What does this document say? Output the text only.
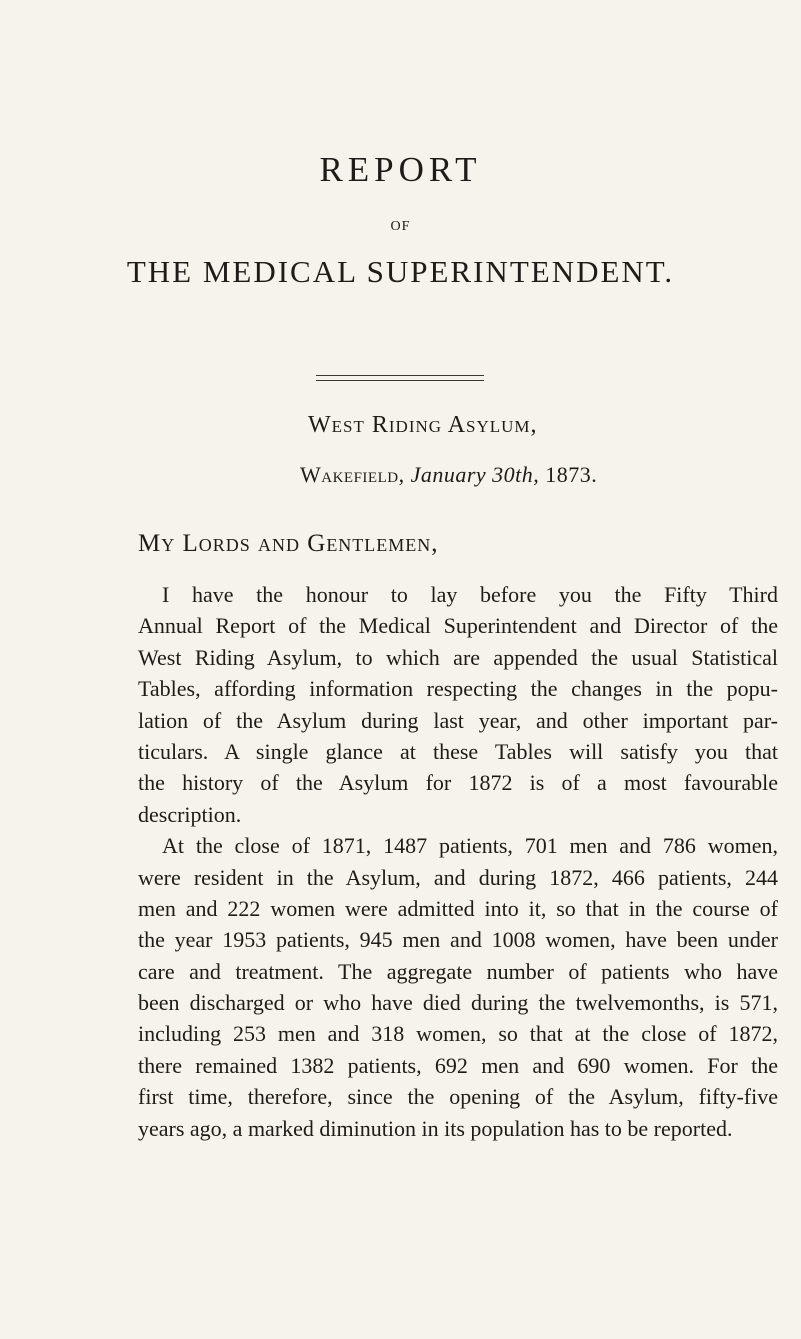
REPORT
OF
THE MEDICAL SUPERINTENDENT.
West Riding Asylum,
Wakefield, January 30th, 1873.
My Lords and Gentlemen,
I have the honour to lay before you the Fifty Third
Annual Report of the Medical Superintendent and Director of the
West Riding Asylum, to which are appended the usual Statistical
Tables, affording information respecting the changes in the popu-
lation of the Asylum during last year, and other important par-
ticulars. A single glance at these Tables will satisfy you that
the history of the Asylum for 1872 is of a most favourable
description.
At the close of 1871, 1487 patients, 701 men and 786 women,
were resident in the Asylum, and during 1872, 466 patients, 244
men and 222 women were admitted into it, so that in the course of
the year 1953 patients, 945 men and 1008 women, have been under
care and treatment. The aggregate number of patients who have
been discharged or who have died during the twelvemonths, is 571,
including 253 men and 318 women, so that at the close of 1872,
there remained 1382 patients, 692 men and 690 women. For the
first time, therefore, since the opening of the Asylum, fifty-five
years ago, a marked diminution in its population has to be reported.
